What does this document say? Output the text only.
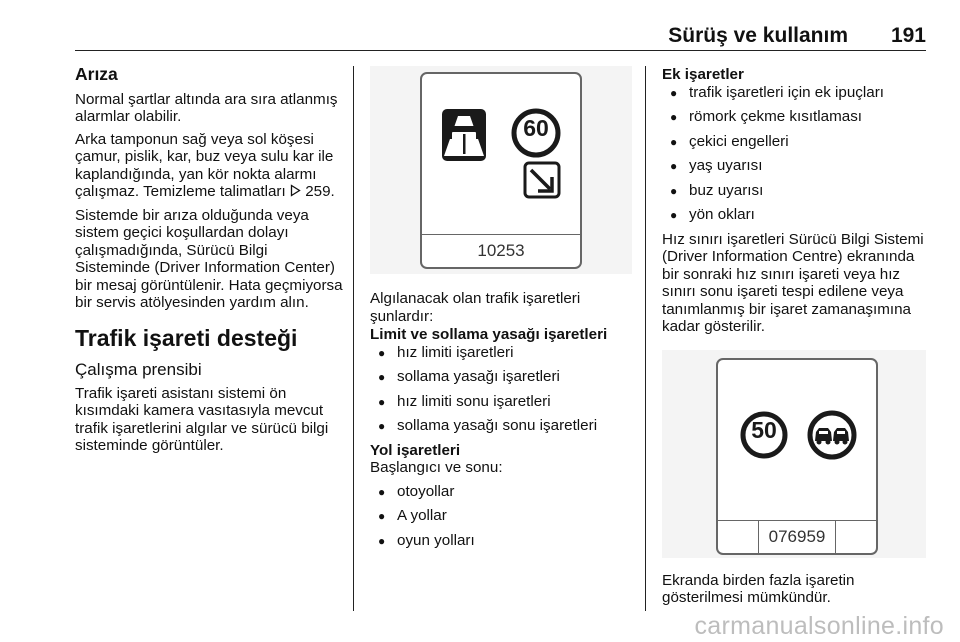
Sürüş ve kullanım 191
Arıza

Normal şartlar altında ara sıra atlanmış alarmlar olabilir.

Arka tamponun sağ veya sol köşesi çamur, pislik, kar, buz veya sulu kar ile kaplandığında, yan kör nokta alarmı çalışmaz. Temizleme talimatları 259.

Sistemde bir arıza olduğunda veya sistem geçici koşullardan dolayı çalışmadığında, Sürücü Bilgi Sisteminde (Driver Information Center) bir mesaj görüntülenir. Hata geçmiyorsa bir servis atölyesinden yardım alın.

Trafik işareti desteği
Çalışma prensibi

Trafik işareti asistanı sistemi ön kısımdaki kamera vasıtasıyla mevcut trafik işaretlerini algılar ve sürücü bilgi sisteminde görüntüler.

60
10253

Algılanacak olan trafik işaretleri şunlardır:

Limit ve sollama yasağı işaretleri
● hız limiti işaretleri
● sollama yasağı işaretleri
● hız limiti sonu işaretleri
● sollama yasağı sonu işaretleri
Yol işaretleri

Başlangıcı ve sonu:

● otoyollar
● A yollar
● oyun yolları
Ek işaretler
● trafik işaretleri için ek ipuçları
● römork çekme kısıtlaması
● çekici engelleri
● yaş uyarısı
● buz uyarısı
● yön okları

Hız sınırı işaretleri Sürücü Bilgi Sistemi (Driver Information Centre) ekranında bir sonraki hız sınırı işareti veya hız sınırı sonu işareti tespi edilene veya tanımlanmış bir işaret zamanaşımına kadar gösterilir.

50
076959

Ekranda birden fazla işaretin gösterilmesi mümkündür.

carmanualsonline.info
